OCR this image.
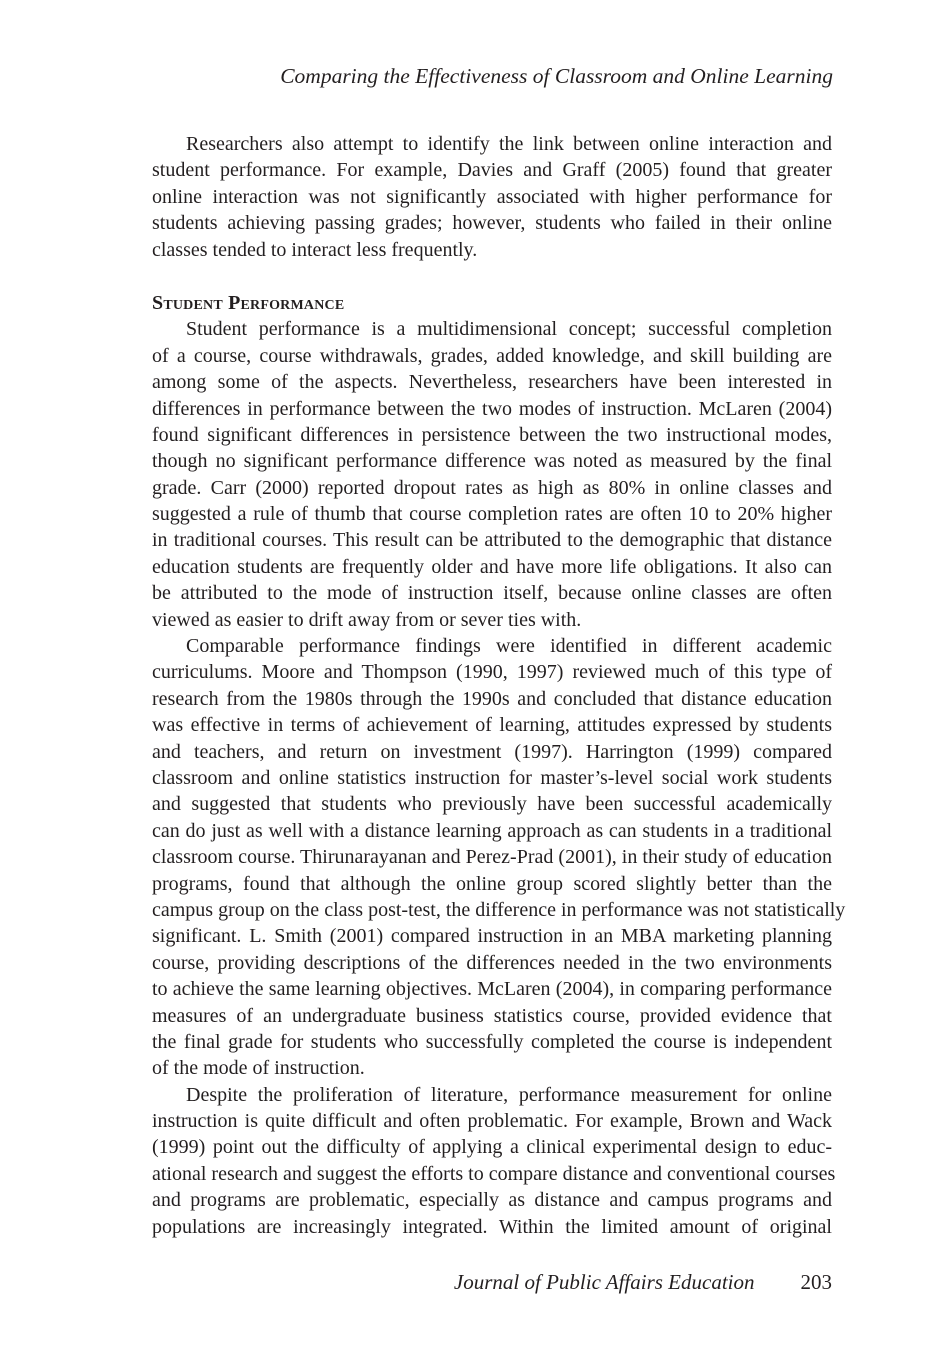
Comparing the Effectiveness of Classroom and Online Learning
Researchers also attempt to identify the link between online interaction and
student performance. For example, Davies and Graff (2005) found that greater
online interaction was not significantly associated with higher performance for
students achieving passing grades; however, students who failed in their online
classes tended to interact less frequently.
Student Performance
Student performance is a multidimensional concept; successful completion
of a course, course withdrawals, grades, added knowledge, and skill building are
among some of the aspects. Nevertheless, researchers have been interested in
differences in performance between the two modes of instruction. McLaren (2004)
found significant differences in persistence between the two instructional modes,
though no significant performance difference was noted as measured by the final
grade. Carr (2000) reported dropout rates as high as 80% in online classes and
suggested a rule of thumb that course completion rates are often 10 to 20% higher
in traditional courses. This result can be attributed to the demographic that distance
education students are frequently older and have more life obligations. It also can
be attributed to the mode of instruction itself, because online classes are often
viewed as easier to drift away from or sever ties with.
Comparable performance findings were identified in different academic
curriculums. Moore and Thompson (1990, 1997) reviewed much of this type of
research from the 1980s through the 1990s and concluded that distance education
was effective in terms of achievement of learning, attitudes expressed by students
and teachers, and return on investment (1997). Harrington (1999) compared
classroom and online statistics instruction for master’s-level social work students
and suggested that students who previously have been successful academically
can do just as well with a distance learning approach as can students in a traditional
classroom course. Thirunarayanan and Perez-Prad (2001), in their study of education
programs, found that although the online group scored slightly better than the
campus group on the class post-test, the difference in performance was not statistically
significant. L. Smith (2001) compared instruction in an MBA marketing planning
course, providing descriptions of the differences needed in the two environments
to achieve the same learning objectives. McLaren (2004), in comparing performance
measures of an undergraduate business statistics course, provided evidence that
the final grade for students who successfully completed the course is independent
of the mode of instruction.
Despite the proliferation of literature, performance measurement for online
instruction is quite difficult and often problematic. For example, Brown and Wack
(1999) point out the difficulty of applying a clinical experimental design to educ-
ational research and suggest the efforts to compare distance and conventional courses
and programs are problematic, especially as distance and campus programs and
populations are increasingly integrated. Within the limited amount of original
Journal of Public Affairs Education 203
